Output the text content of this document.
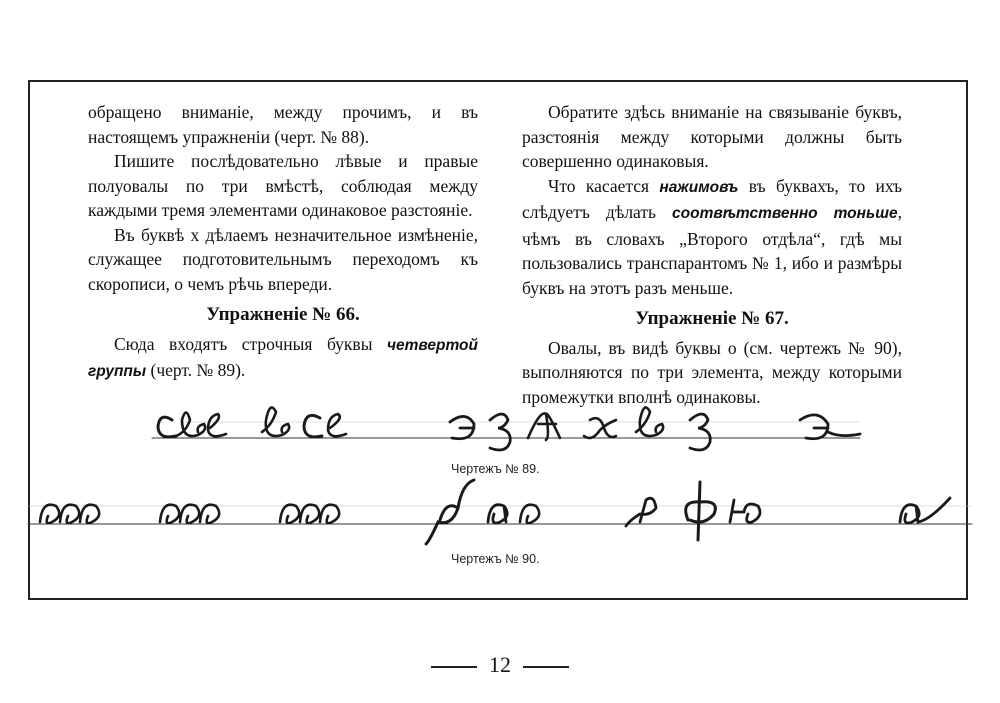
обращено вниманіе, между прочимъ, и въ настоящемъ упражненіи (черт. № 88).

Пишите послѣдовательно лѣвые и правые полуовалы по три вмѣстѣ, соблюдая между каждыми тремя элементами одинаковое разстояніе.

Въ буквѣ x дѣлаемъ незначительное измѣненіе, служащее подготовительнымъ переходомъ къ скорописи, о чемъ рѣчь впереди.

Упражненіе № 66.

Сюда входятъ строчныя буквы четвертой группы (черт. № 89).

Обратите здѣсь вниманіе на связываніе буквъ, разстоянія между которыми должны быть совершенно одинаковыя.

Что касается нажимовъ въ буквахъ, то ихъ слѣдуетъ дѣлать соотвѣтственно тоньше, чѣмъ въ словахъ „Второго отдѣла“, гдѣ мы пользовались транспарантомъ № 1, ибо и размѣры буквъ на этотъ разъ меньше.

Упражненіе № 67.

Овалы, въ видѣ буквы o (см. чертежъ № 90), выполняются по три элемента, между которыми промежутки вполнѣ одинаковы.

Чертежъ № 89.
Чертежъ № 90.
12
